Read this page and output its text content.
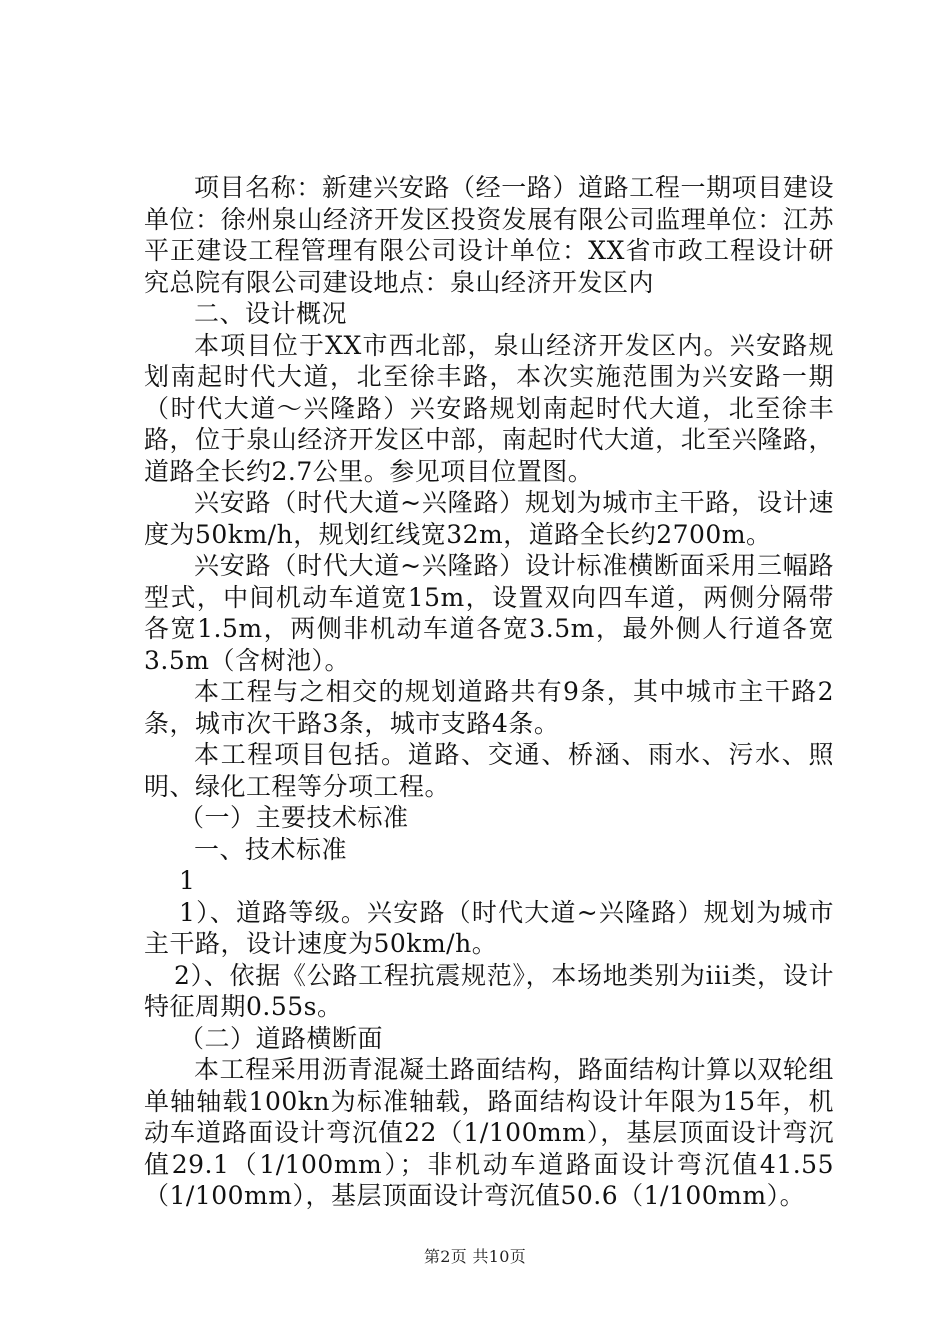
项目名称：新建兴安路（经一路）道路工程一期项目建设单位：徐州泉山经济开发区投资发展有限公司监理单位：江苏平正建设工程管理有限公司设计单位：XX省市政工程设计研究总院有限公司建设地点：泉山经济开发区内

二、设计概况

本项目位于XX市西北部，泉山经济开发区内。兴安路规划南起时代大道，北至徐丰路，本次实施范围为兴安路一期（时代大道～兴隆路）兴安路规划南起时代大道，北至徐丰路，位于泉山经济开发区中部，南起时代大道，北至兴隆路，道路全长约2.7公里。参见项目位置图。

兴安路（时代大道~兴隆路）规划为城市主干路，设计速度为50km/h，规划红线宽32m，道路全长约2700m。

兴安路（时代大道~兴隆路）设计标准横断面采用三幅路型式，中间机动车道宽15m，设置双向四车道，两侧分隔带各宽1.5m，两侧非机动车道各宽3.5m，最外侧人行道各宽3.5m（含树池）。

本工程与之相交的规划道路共有9条，其中城市主干路2条，城市次干路3条，城市支路4条。

本工程项目包括。道路、交通、桥涵、雨水、污水、照明、绿化工程等分项工程。

（一）主要技术标准

一、技术标准

1

1）、道路等级。兴安路（时代大道~兴隆路）规划为城市主干路，设计速度为50km/h。

2）、依据《公路工程抗震规范》，本场地类别为iii类，设计特征周期0.55s。

（二）道路横断面

本工程采用沥青混凝土路面结构，路面结构计算以双轮组单轴轴载100kn为标准轴载，路面结构设计年限为15年，机动车道路面设计弯沉值22（1/100mm），基层顶面设计弯沉值29.1（1/100mm）；非机动车道路面设计弯沉值41.55（1/100mm），基层顶面设计弯沉值50.6（1/100mm）。

第2页 共10页
